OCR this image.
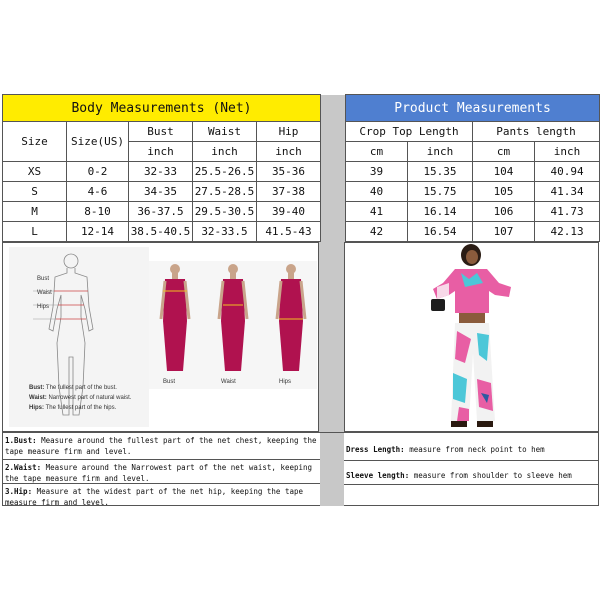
Body Measurements (Net)						Product Measurements			
Size	Size(US)	Bust	Waist	Hip		Crop Top Length		Pants length	
		inch	inch	inch		cm	inch	cm	inch
XS	0-2	32-33	25.5-26.5	35-36		39	15.35	104	40.94
S	4-6	34-35	27.5-28.5	37-38		40	15.75	105	41.34
M	8-10	36-37.5	29.5-30.5	39-40		41	16.14	106	41.73
L	12-14	38.5-40.5	32-33.5	41.5-43		42	16.54	107	42.13
Bust
Waist
Hips
Bust: The fullest part of the bust.
Waist: Narrowest part of natural waist.
Hips: The fullest part of the hips.
Bust	Waist	Hips
1.Bust: Measure around the fullest part of the net chest, keeping the tape measure firm and level.
2.Waist: Measure around the Narrowest part of the net waist, keeping the tape measure firm and level.
3.Hip: Measure at the widest part of the net hip, keeping the tape measure firm and level.
Dress Length: measure from neck point to hem
Sleeve length: measure from shoulder to sleeve hem
